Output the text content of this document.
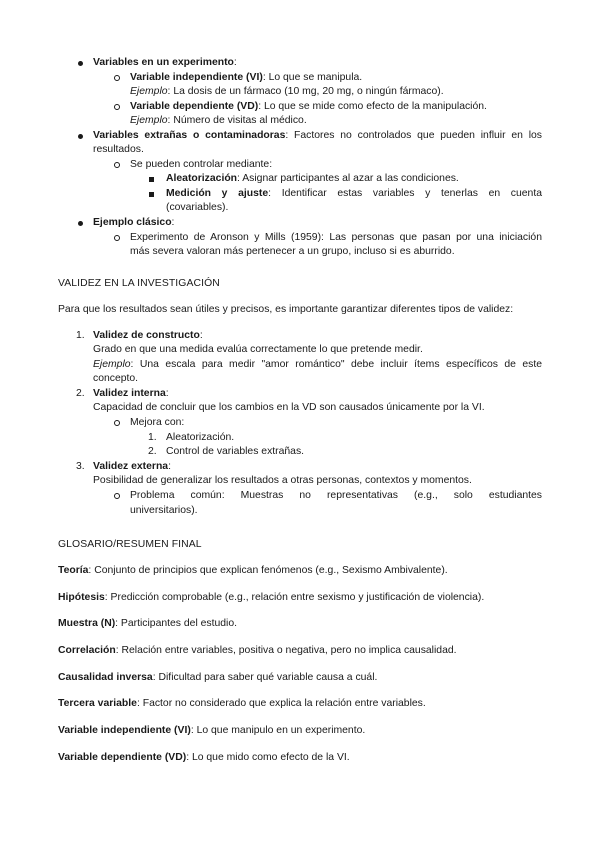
Variables en un experimento:
Variable independiente (VI): Lo que se manipula.
Ejemplo: La dosis de un fármaco (10 mg, 20 mg, o ningún fármaco).
Variable dependiente (VD): Lo que se mide como efecto de la manipulación.
Ejemplo: Número de visitas al médico.
Variables extrañas o contaminadoras: Factores no controlados que pueden influir en los
resultados.
Se pueden controlar mediante:
Aleatorización: Asignar participantes al azar a las condiciones.
Medición y ajuste: Identificar estas variables y tenerlas en cuenta
(covariables).
Ejemplo clásico:
Experimento de Aronson y Mills (1959): Las personas que pasan por una iniciación
más severa valoran más pertenecer a un grupo, incluso si es aburrido.
VALIDEZ EN LA INVESTIGACIÓN
Para que los resultados sean útiles y precisos, es importante garantizar diferentes tipos de validez:
1. Validez de constructo:
Grado en que una medida evalúa correctamente lo que pretende medir.
Ejemplo: Una escala para medir "amor romántico" debe incluir ítems específicos de este
concepto.
2. Validez interna:
Capacidad de concluir que los cambios en la VD son causados únicamente por la VI.
Mejora con:
1. Aleatorización.
2. Control de variables extrañas.
3. Validez externa:
Posibilidad de generalizar los resultados a otras personas, contextos y momentos.
Problema común: Muestras no representativas (e.g., solo estudiantes
universitarios).
GLOSARIO/RESUMEN FINAL
Teoría: Conjunto de principios que explican fenómenos (e.g., Sexismo Ambivalente).
Hipótesis: Predicción comprobable (e.g., relación entre sexismo y justificación de violencia).
Muestra (N): Participantes del estudio.
Correlación: Relación entre variables, positiva o negativa, pero no implica causalidad.
Causalidad inversa: Dificultad para saber qué variable causa a cuál.
Tercera variable: Factor no considerado que explica la relación entre variables.
Variable independiente (VI): Lo que manipulo en un experimento.
Variable dependiente (VD): Lo que mido como efecto de la VI.
